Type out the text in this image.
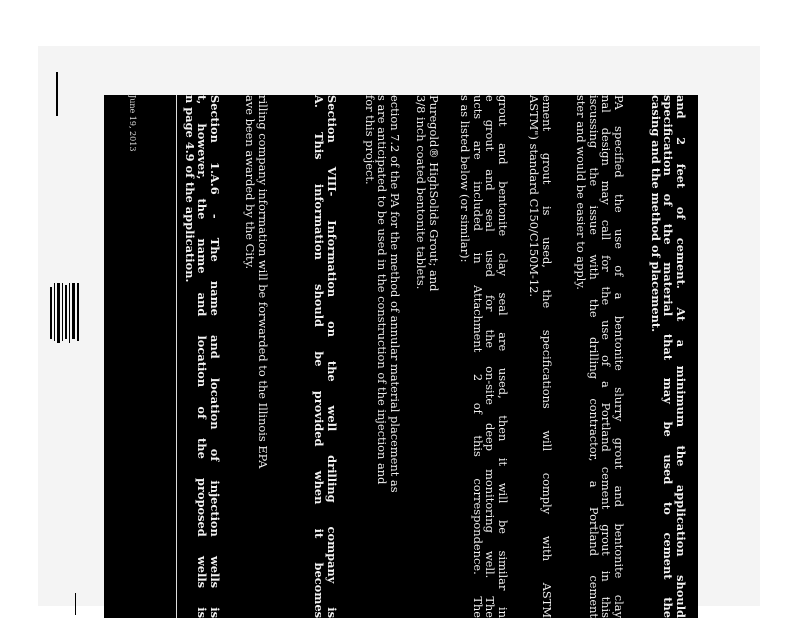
June 19, 2013	and 2 feet of cement. At a minimum the application should
specification of the material that may be used to cement the
casing and the method of placement.
PA specified the use of a bentonite slurry grout and bentonite clay
nal design may call for the use of a Portland cement grout in this
iscussing the issue with the drilling contractor, a Portland cement
ster and would be easier to apply.
ement grout is used, the specifications will comply with ASTM
ASTM") standard C150/C150M-12.
grout and bentonite clay seal are used, then it will be similar in
e grout and seal used for the on-site deep monitoring well. The
ucts are included in Attachment 2 of this correspondence. The
s as listed below (or similar):
Puregold® HighSolids Grout; and
3/8 inch coated bentonite tablets.
ection 7.2 of the PA for the method of annular material placement as
s are anticipated to be used in the construction of the injection and
for this project.
Section VIII- Information on the well drilling company is
A. This information should be provided when it becomes
rilling company information will be forwarded to the Illinois EPA
ave been awarded by the City.
Section 1.A.6 - The name and location of injection wells is
t, however, the name and location of the proposed wells is
n page 4.9 of the application.
